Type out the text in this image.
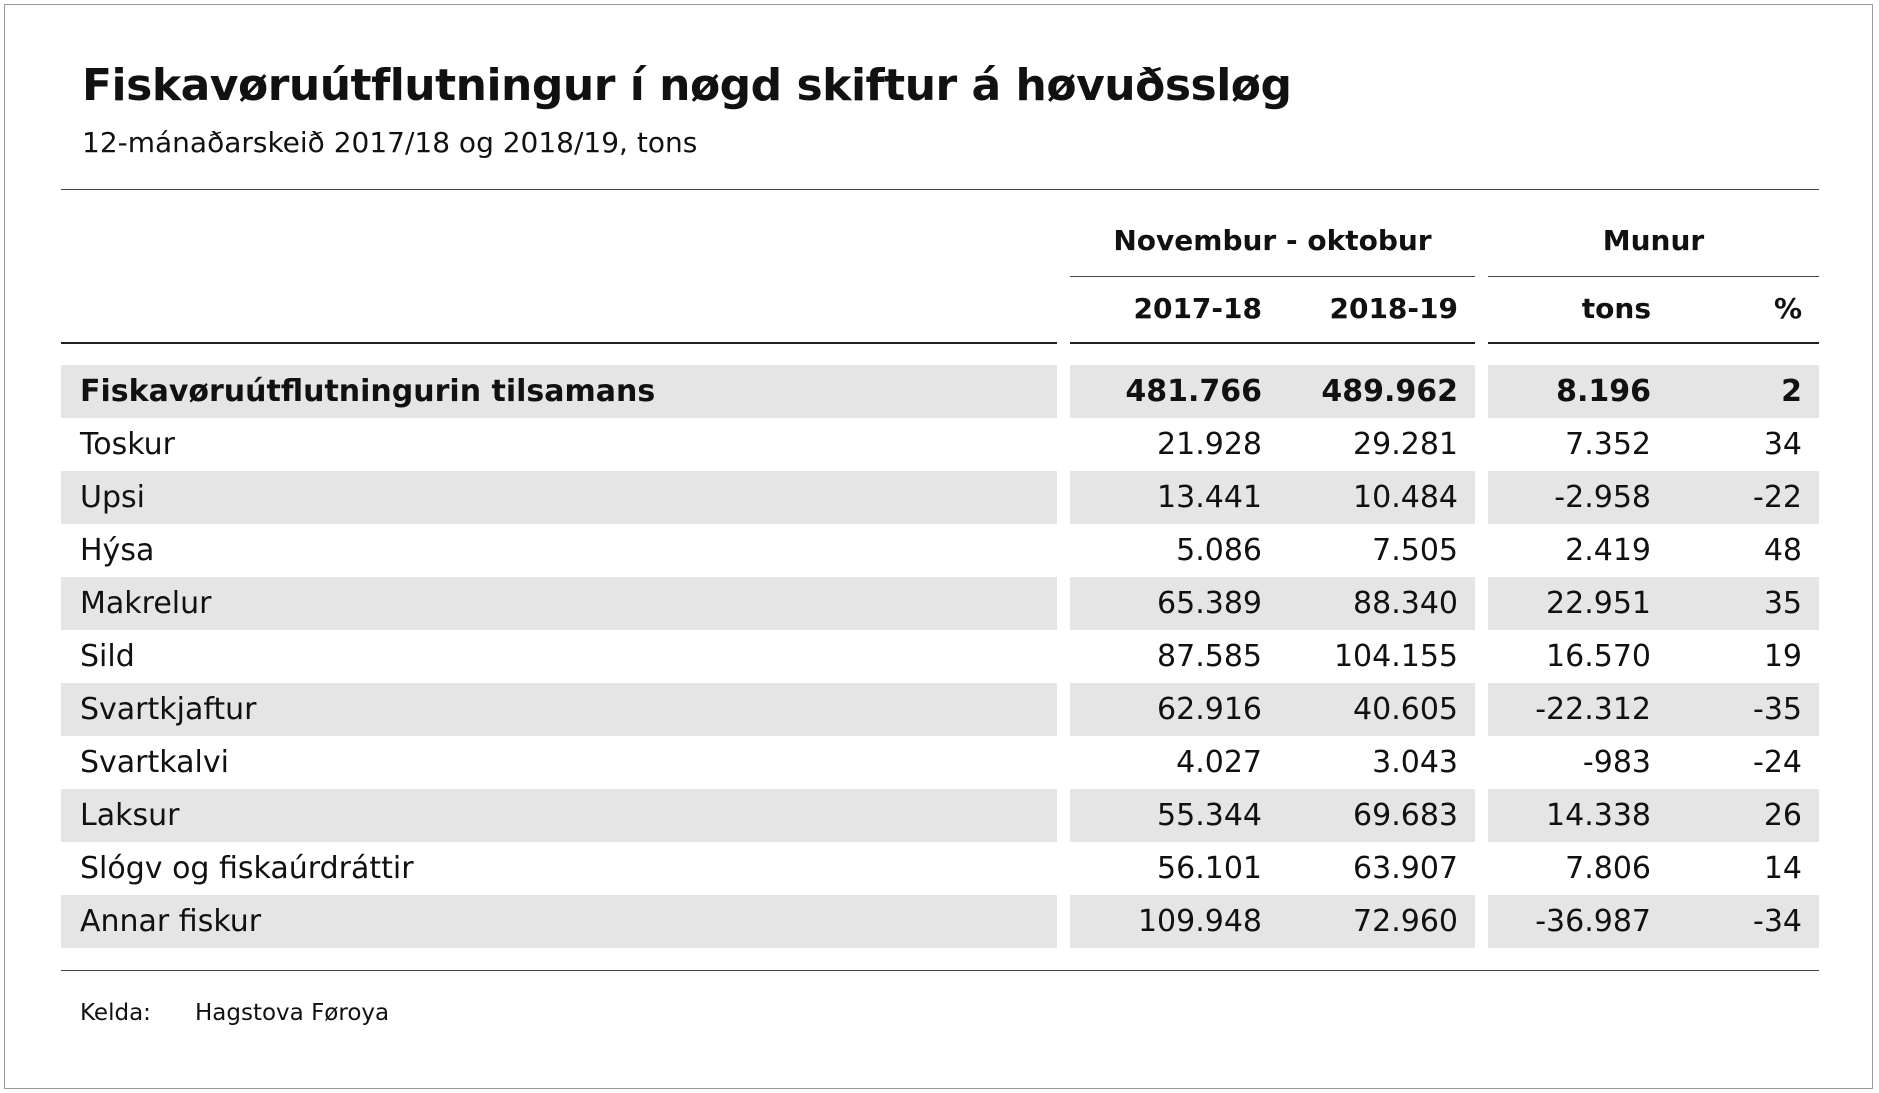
Fiskavøruútflutningur í nøgd skiftur á høvuðssløg
12-mánaðarskeið 2017/18 og 2018/19, tons
Novembur - oktobur	Munur
2017-18	2018-19	tons	%
Fiskavøruútflutningurin tilsamans	481.766	489.962	8.196	2
Toskur	21.928	29.281	7.352	34
Upsi	13.441	10.484	-2.958	-22
Hýsa	5.086	7.505	2.419	48
Makrelur	65.389	88.340	22.951	35
Sild	87.585	104.155	16.570	19
Svartkjaftur	62.916	40.605	-22.312	-35
Svartkalvi	4.027	3.043	-983	-24
Laksur	55.344	69.683	14.338	26
Slógv og fiskaúrdráttir	56.101	63.907	7.806	14
Annar fiskur	109.948	72.960	-36.987	-34
Kelda: Hagstova Føroya
